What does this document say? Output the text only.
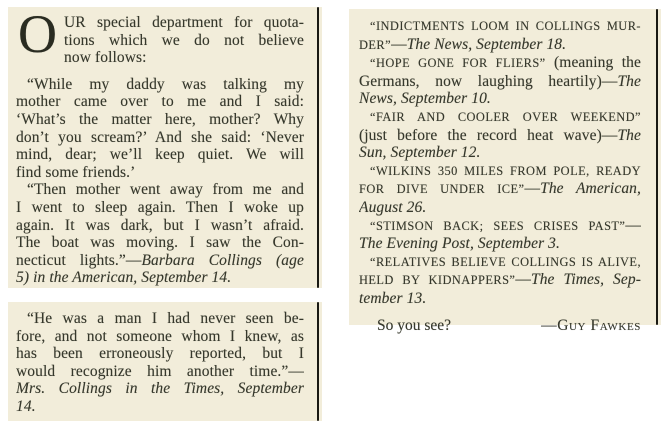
O UR special department for quota-
tions which we do not believe
now follows:
“While my daddy was talking my
mother came over to me and I said:
‘What’s the matter here, mother? Why
don’t you scream?’ And she said: ‘Never
mind, dear; we’ll keep quiet. We will
find some friends.’
“Then mother went away from me and
I went to sleep again. Then I woke up
again. It was dark, but I wasn’t afraid.
The boat was moving. I saw the Con-
necticut lights.”—Barbara Collings (age
5) in the American, September 14.
“He was a man I had never seen be-
fore, and not someone whom I knew, as
has been erroneously reported, but I
would recognize him another time.”—
Mrs. Collings in the Times, September
14.
“INDICTMENTS LOOM IN COLLINGS MUR-
DER”—The News, September 18.
“HOPE GONE FOR FLIERS” (meaning the
Germans, now laughing heartily)—The
News, September 10.
“FAIR AND COOLER OVER WEEKEND”
(just before the record heat wave)—The
Sun, September 12.
“WILKINS 350 MILES FROM POLE, READY
FOR DIVE UNDER ICE”—The American,
August 26.
“STIMSON BACK; SEES CRISES PAST”—
The Evening Post, September 3.
“RELATIVES BELIEVE COLLINGS IS ALIVE,
HELD BY KIDNAPPERS”—The Times, Sep-
tember 13.
So you see?	—Guy Fawkes
